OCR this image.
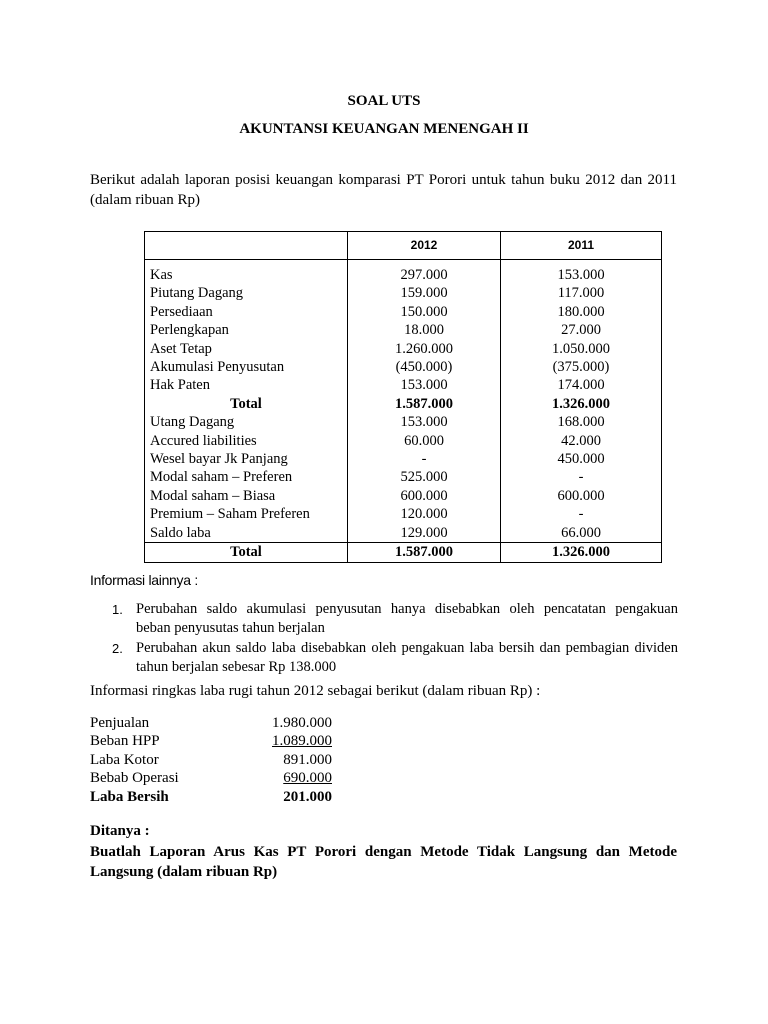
SOAL UTS

AKUNTANSI KEUANGAN MENENGAH II

Berikut adalah laporan posisi keuangan komparasi PT Porori untuk tahun buku 2012 dan 2011
(dalam ribuan Rp)
	2012	2011
Kas	297.000	153.000
Piutang Dagang	159.000	117.000
Persediaan	150.000	180.000
Perlengkapan	18.000	27.000
Aset Tetap	1.260.000	1.050.000
Akumulasi Penyusutan	(450.000)	(375.000)
Hak Paten	153.000	174.000
Total	1.587.000	1.326.000
Utang Dagang	153.000	168.000
Accured liabilities	60.000	42.000
Wesel bayar Jk Panjang	-	450.000
Modal saham – Preferen	525.000	-
Modal saham – Biasa	600.000	600.000
Premium – Saham Preferen	120.000	-
Saldo laba	129.000	66.000
Total	1.587.000	1.326.000

Informasi lainnya :

1. Perubahan saldo akumulasi penyusutan hanya disebabkan oleh pencatatan pengakuan
beban penyusutas tahun berjalan
2. Perubahan akun saldo laba disebabkan oleh pengakuan laba bersih dan pembagian dividen
tahun berjalan sebesar Rp 138.000

Informasi ringkas laba rugi tahun 2012 sebagai berikut (dalam ribuan Rp) :

Penjualan	1.980.000
Beban HPP	1.089.000
Laba Kotor	891.000
Bebab Operasi	690.000
Laba Bersih	201.000

Ditanya :

Buatlah Laporan Arus Kas PT Porori dengan Metode Tidak Langsung dan Metode
Langsung (dalam ribuan Rp)
